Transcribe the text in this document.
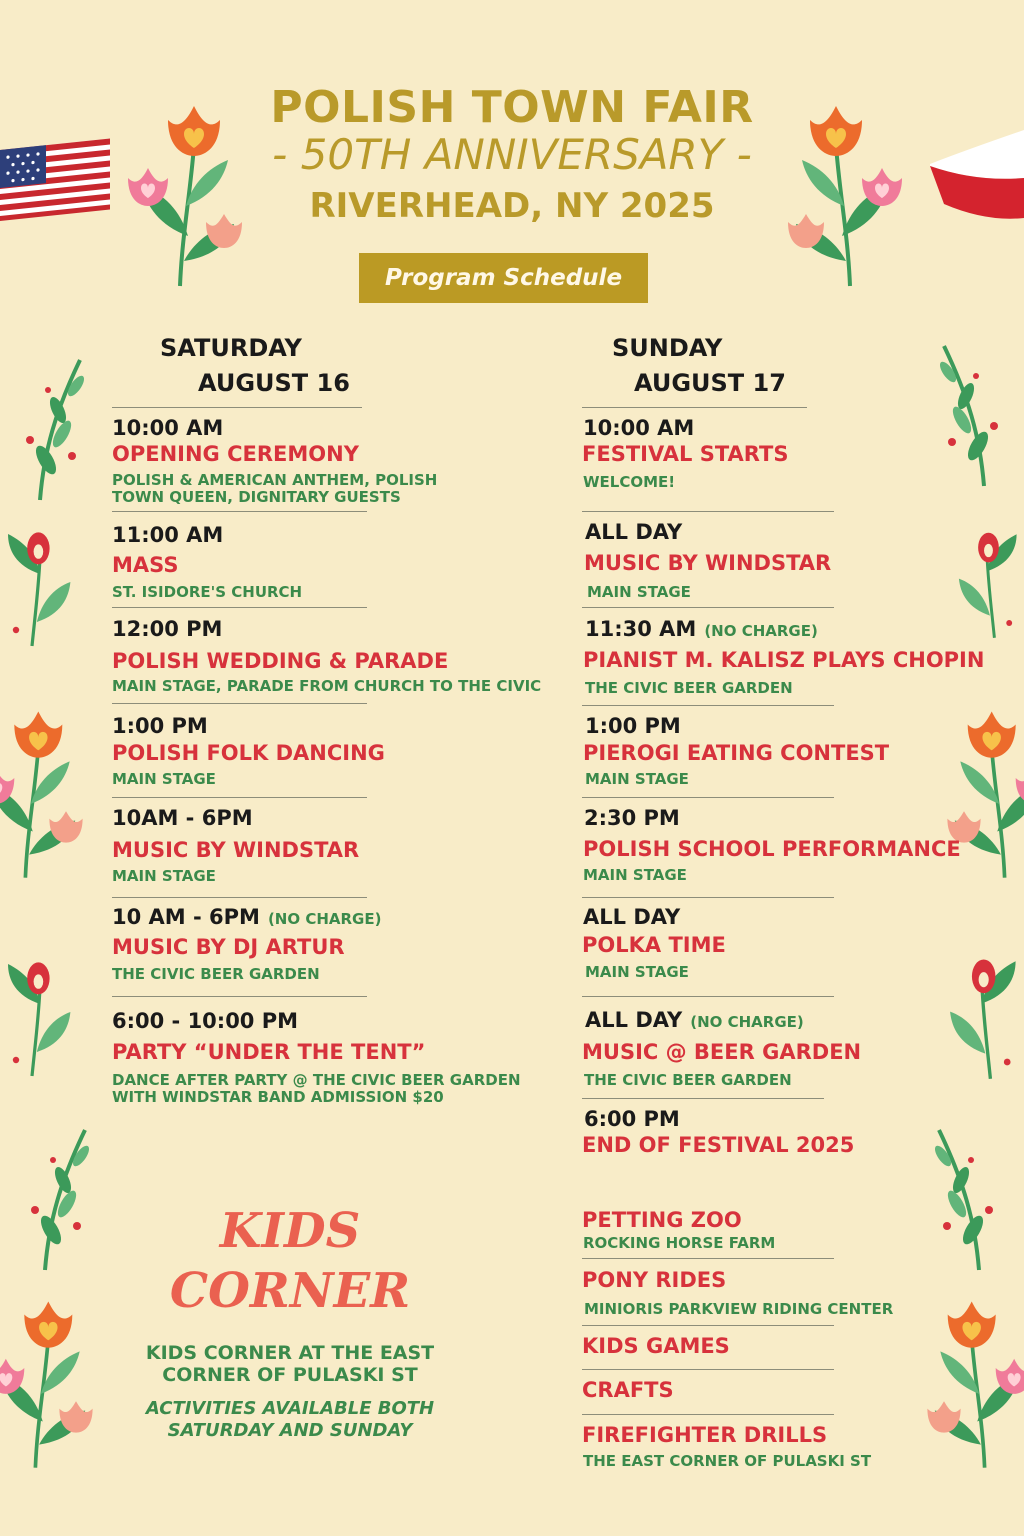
POLISH TOWN FAIR
- 50TH ANNIVERSARY -
RIVERHEAD, NY 2025
Program Schedule
SATURDAY
AUGUST 16
10:00 AM
OPENING CEREMONY
POLISH & AMERICAN ANTHEM, POLISH TOWN QUEEN, DIGNITARY GUESTS
11:00 AM
MASS
ST. ISIDORE'S CHURCH
12:00 PM
POLISH WEDDING & PARADE
MAIN STAGE, PARADE FROM CHURCH TO THE CIVIC
1:00 PM
POLISH FOLK DANCING
MAIN STAGE
10AM - 6PM
MUSIC BY WINDSTAR
MAIN STAGE
10 AM - 6PM (NO CHARGE)
MUSIC BY DJ ARTUR
THE CIVIC BEER GARDEN
6:00 - 10:00 PM
PARTY “UNDER THE TENT”
DANCE AFTER PARTY @ THE CIVIC BEER GARDEN WITH WINDSTAR BAND ADMISSION $20
SUNDAY
AUGUST 17
10:00 AM
FESTIVAL STARTS
WELCOME!
ALL DAY
MUSIC BY WINDSTAR
MAIN STAGE
11:30 AM (NO CHARGE)
PIANIST M. KALISZ PLAYS CHOPIN
THE CIVIC BEER GARDEN
1:00 PM
PIEROGI EATING CONTEST
MAIN STAGE
2:30 PM
POLISH SCHOOL PERFORMANCE
MAIN STAGE
ALL DAY
POLKA TIME
MAIN STAGE
ALL DAY (NO CHARGE)
MUSIC @ BEER GARDEN
THE CIVIC BEER GARDEN
6:00 PM
END OF FESTIVAL 2025
KIDS
CORNER
KIDS CORNER AT THE EAST CORNER OF PULASKI ST
ACTIVITIES AVAILABLE BOTH SATURDAY AND SUNDAY
PETTING ZOO
ROCKING HORSE FARM
PONY RIDES
MINIORIS PARKVIEW RIDING CENTER
KIDS GAMES
CRAFTS
FIREFIGHTER DRILLS
THE EAST CORNER OF PULASKI ST
